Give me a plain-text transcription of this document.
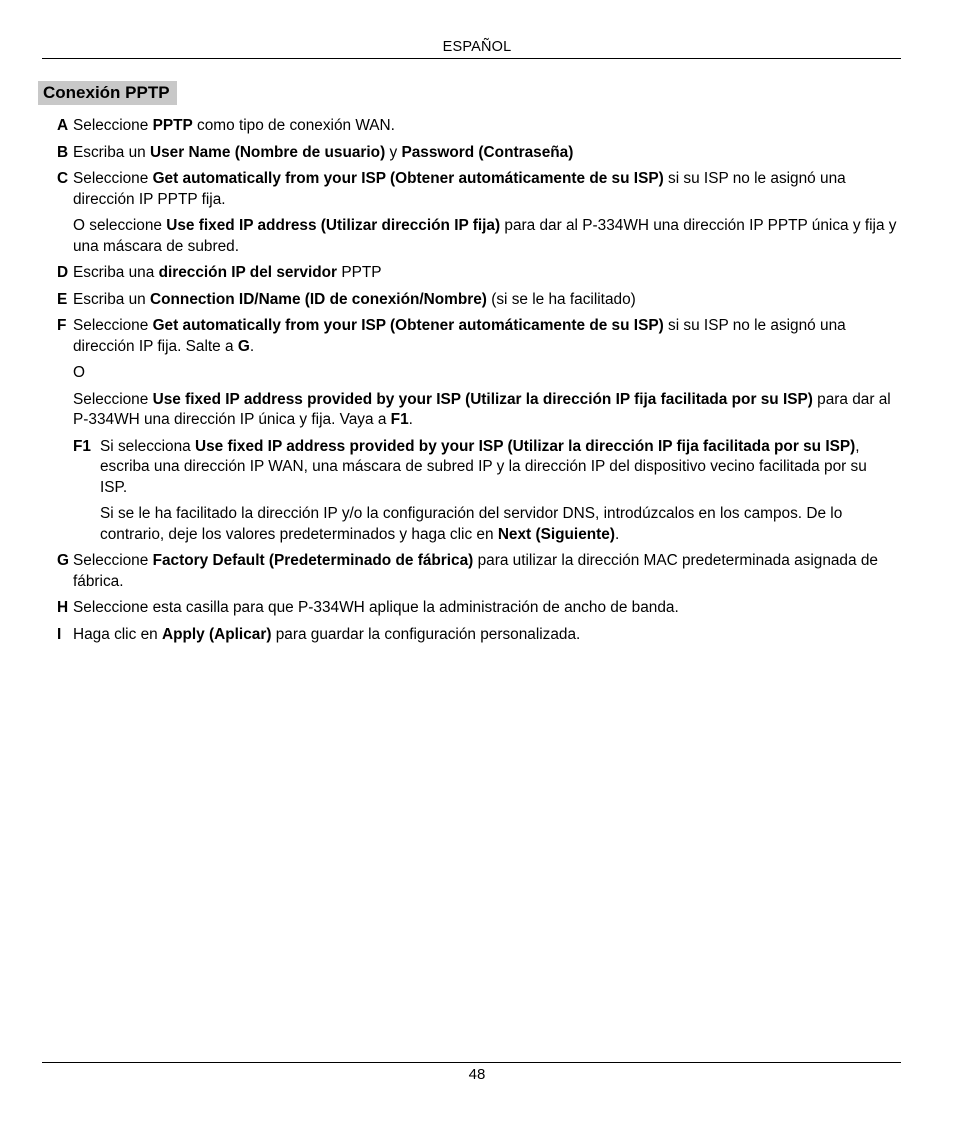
ESPAÑOL
Conexión PPTP
A Seleccione PPTP como tipo de conexión WAN.

B Escriba un User Name (Nombre de usuario) y Password (Contraseña)

C Seleccione Get automatically from your ISP (Obtener automáticamente de su ISP) si su ISP no le asignó una dirección IP PPTP fija.

O seleccione Use fixed IP address (Utilizar dirección IP fija) para dar al P-334WH una dirección IP PPTP única y fija y una máscara de subred.

D Escriba una dirección IP del servidor PPTP

E Escriba un Connection ID/Name (ID de conexión/Nombre) (si se le ha facilitado)

F Seleccione Get automatically from your ISP (Obtener automáticamente de su ISP) si su ISP no le asignó una dirección IP fija. Salte a G.

O

Seleccione Use fixed IP address provided by your ISP (Utilizar la dirección IP fija facilitada por su ISP) para dar al P-334WH una dirección IP única y fija. Vaya a F1.

F1 Si selecciona Use fixed IP address provided by your ISP (Utilizar la dirección IP fija facilitada por su ISP), escriba una dirección IP WAN, una máscara de subred IP y la dirección IP del dispositivo vecino facilitada por su ISP.

Si se le ha facilitado la dirección IP y/o la configuración del servidor DNS, introdúzcalos en los campos. De lo contrario, deje los valores predeterminados y haga clic en Next (Siguiente).

G Seleccione Factory Default (Predeterminado de fábrica) para utilizar la dirección MAC predeterminada asignada de fábrica.

H Seleccione esta casilla para que P-334WH aplique la administración de ancho de banda.

I Haga clic en Apply (Aplicar) para guardar la configuración personalizada.

48
